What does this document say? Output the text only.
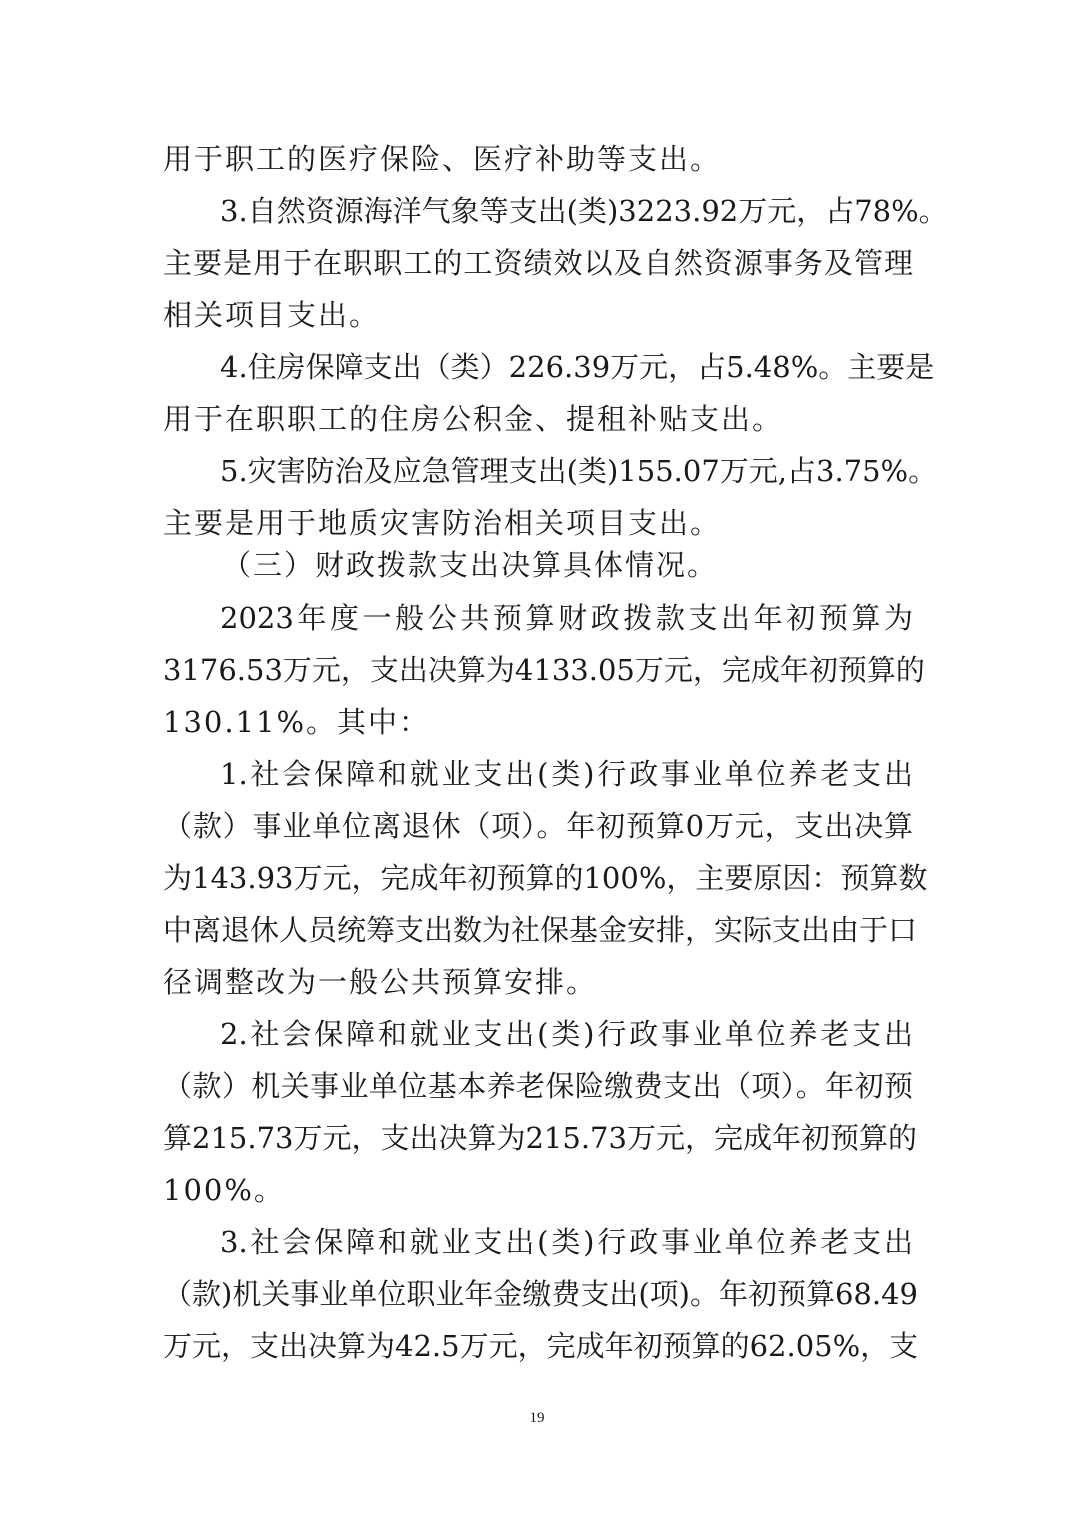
用于职工的医疗保险、医疗补助等支出。
3.自然资源海洋气象等支出(类)3223.92万元，占78%。
主要是用于在职职工的工资绩效以及自然资源事务及管理
相关项目支出。
4.住房保障支出（类）226.39万元，占5.48%。主要是
用于在职职工的住房公积金、提租补贴支出。
5.灾害防治及应急管理支出(类)155.07万元,占3.75%。
主要是用于地质灾害防治相关项目支出。
（三）财政拨款支出决算具体情况。
2023年度一般公共预算财政拨款支出年初预算为
3176.53万元，支出决算为4133.05万元，完成年初预算的
130.11%。其中：
1.社会保障和就业支出(类)行政事业单位养老支出
（款）事业单位离退休（项）。年初预算0万元，支出决算
为143.93万元，完成年初预算的100%，主要原因：预算数
中离退休人员统筹支出数为社保基金安排，实际支出由于口
径调整改为一般公共预算安排。
2.社会保障和就业支出(类)行政事业单位养老支出
（款）机关事业单位基本养老保险缴费支出（项）。年初预
算215.73万元，支出决算为215.73万元，完成年初预算的
100%。
3.社会保障和就业支出(类)行政事业单位养老支出
（款)机关事业单位职业年金缴费支出(项)。年初预算68.49
万元，支出决算为42.5万元，完成年初预算的62.05%，支
19
